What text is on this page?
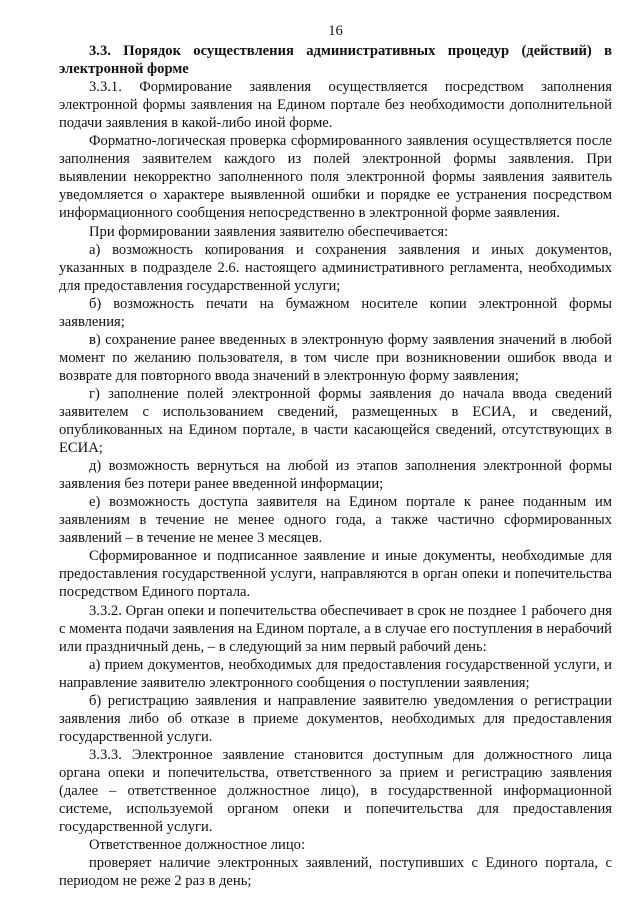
16
3.3. Порядок осуществления административных процедур (действий) в электронной форме

3.3.1. Формирование заявления осуществляется посредством заполнения электронной формы заявления на Едином портале без необходимости дополнительной подачи заявления в какой-либо иной форме.

Форматно-логическая проверка сформированного заявления осуществляется после заполнения заявителем каждого из полей электронной формы заявления. При выявлении некорректно заполненного поля электронной формы заявления заявитель уведомляется о характере выявленной ошибки и порядке ее устранения посредством информационного сообщения непосредственно в электронной форме заявления.

При формировании заявления заявителю обеспечивается:

а) возможность копирования и сохранения заявления и иных документов, указанных в подразделе 2.6. настоящего административного регламента, необходимых для предоставления государственной услуги;

б) возможность печати на бумажном носителе копии электронной формы заявления;

в) сохранение ранее введенных в электронную форму заявления значений в любой момент по желанию пользователя, в том числе при возникновении ошибок ввода и возврате для повторного ввода значений в электронную форму заявления;

г) заполнение полей электронной формы заявления до начала ввода сведений заявителем с использованием сведений, размещенных в ЕСИА, и сведений, опубликованных на Едином портале, в части касающейся сведений, отсутствующих в ЕСИА;

д) возможность вернуться на любой из этапов заполнения электронной формы заявления без потери ранее введенной информации;

е) возможность доступа заявителя на Едином портале к ранее поданным им заявлениям в течение не менее одного года, а также частично сформированных заявлений – в течение не менее 3 месяцев.

Сформированное и подписанное заявление и иные документы, необходимые для предоставления государственной услуги, направляются в орган опеки и попечительства посредством Единого портала.

3.3.2. Орган опеки и попечительства обеспечивает в срок не позднее 1 рабочего дня с момента подачи заявления на Едином портале, а в случае его поступления в нерабочий или праздничный день, – в следующий за ним первый рабочий день:

а) прием документов, необходимых для предоставления государственной услуги, и направление заявителю электронного сообщения о поступлении заявления;

б) регистрацию заявления и направление заявителю уведомления о регистрации заявления либо об отказе в приеме документов, необходимых для предоставления государственной услуги.

3.3.3. Электронное заявление становится доступным для должностного лица органа опеки и попечительства, ответственного за прием и регистрацию заявления (далее – ответственное должностное лицо), в государственной информационной системе, используемой органом опеки и попечительства для предоставления государственной услуги.

Ответственное должностное лицо:

проверяет наличие электронных заявлений, поступивших с Единого портала, с периодом не реже 2 раз в день;
